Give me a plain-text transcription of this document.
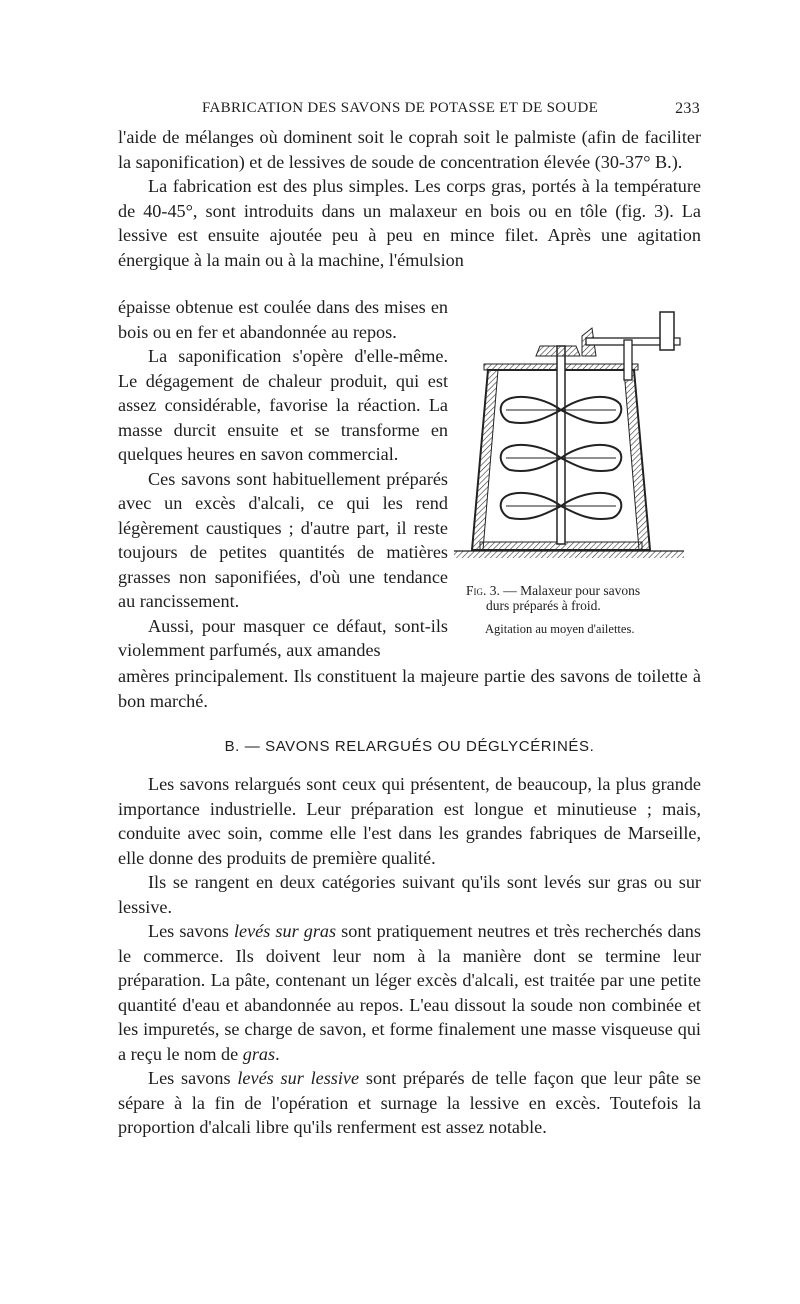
FABRICATION DES SAVONS DE POTASSE ET DE SOUDE	233

l'aide de mélanges où dominent soit le coprah soit le palmiste (afin de faciliter la saponification) et de lessives de soude de concentration élevée (30-37° B.).

La fabrication est des plus simples. Les corps gras, portés à la température de 40-45°, sont introduits dans un malaxeur en bois ou en tôle (fig. 3). La lessive est ensuite ajoutée peu à peu en mince filet. Après une agitation énergique à la main ou à la machine, l'émulsion

épaisse obtenue est coulée dans des mises en bois ou en fer et abandonnée au repos.

La saponification s'opère d'elle-même. Le dégagement de chaleur produit, qui est assez considérable, favorise la réaction. La masse durcit ensuite et se transforme en quelques heures en savon commercial.

Ces savons sont habituellement préparés avec un excès d'alcali, ce qui les rend légèrement caustiques ; d'autre part, il reste toujours de petites quantités de matières grasses non saponifiées, d'où une tendance au rancissement.

Aussi, pour masquer ce défaut, sont-ils violemment parfumés, aux amandes

Fig. 3. — Malaxeur pour savons
durs préparés à froid.
Agitation au moyen d'ailettes.

amères principalement. Ils constituent la majeure partie des savons de toilette à bon marché.

B. — SAVONS RELARGUÉS OU DÉGLYCÉRINÉS.

Les savons relargués sont ceux qui présentent, de beaucoup, la plus grande importance industrielle. Leur préparation est longue et minutieuse ; mais, conduite avec soin, comme elle l'est dans les grandes fabriques de Marseille, elle donne des produits de première qualité.

Ils se rangent en deux catégories suivant qu'ils sont levés sur gras ou sur lessive.

Les savons levés sur gras sont pratiquement neutres et très recherchés dans le commerce. Ils doivent leur nom à la manière dont se termine leur préparation. La pâte, contenant un léger excès d'alcali, est traitée par une petite quantité d'eau et abandonnée au repos. L'eau dissout la soude non combinée et les impuretés, se charge de savon, et forme finalement une masse visqueuse qui a reçu le nom de gras.

Les savons levés sur lessive sont préparés de telle façon que leur pâte se sépare à la fin de l'opération et surnage la lessive en excès. Toutefois la proportion d'alcali libre qu'ils renferment est assez notable.
